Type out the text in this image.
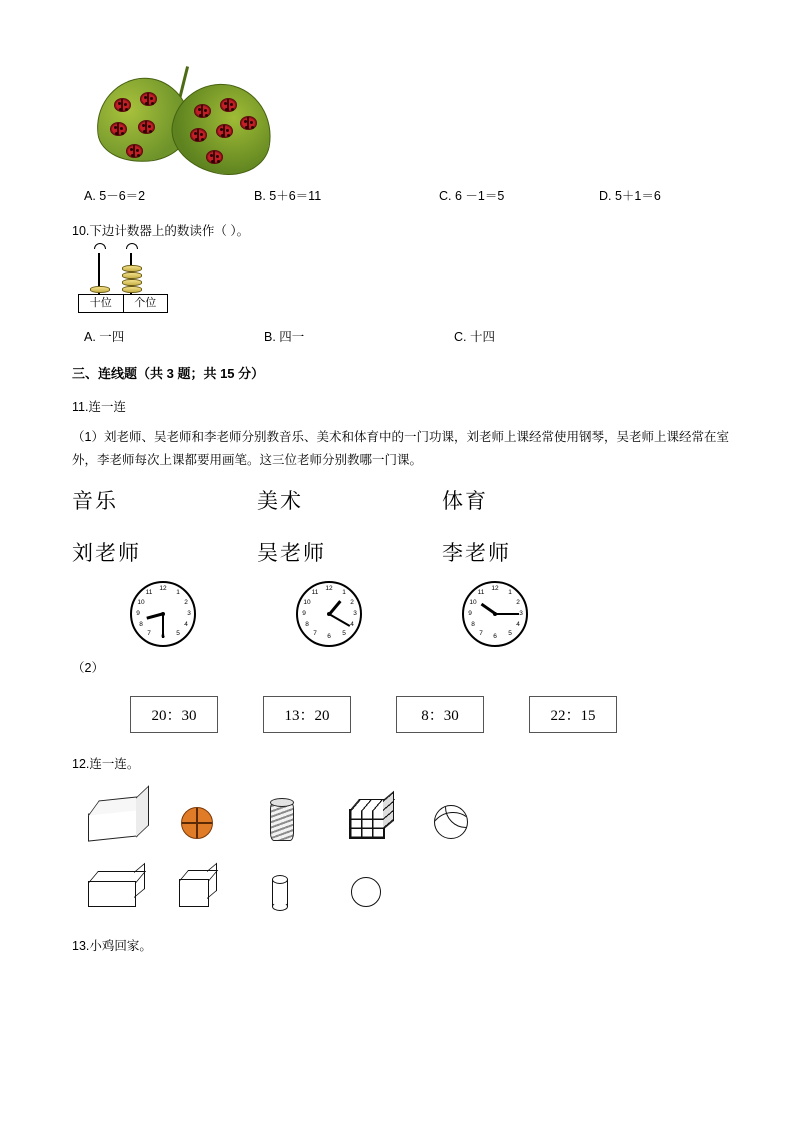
A. 5－6＝2	B. 5＋6＝11	C. 6 －1＝5	D. 5＋1＝6
10.下边计数器上的数读作（ ）。
十位	个位
A. 一四	B. 四一	C. 十四
三、连线题（共 3 题；共 15 分）
11.连一连
（1）刘老师、吴老师和李老师分别教音乐、美术和体育中的一门功课，刘老师上课经常使用钢琴，吴老师上课经常在室外，李老师每次上课都要用画笔。这三位老师分别教哪一门课。
音乐	美术	体育
刘老师	吴老师	李老师
12
1
2
3
4
5
7
8
9
10
11
12
1
2
3
4
5
6
7
8
9
10
11
12
1
2
3
4
5
6
7
8
9
10
11
（2）
20：30	13：20	8：30	22：15
12.连一连。
13.小鸡回家。
